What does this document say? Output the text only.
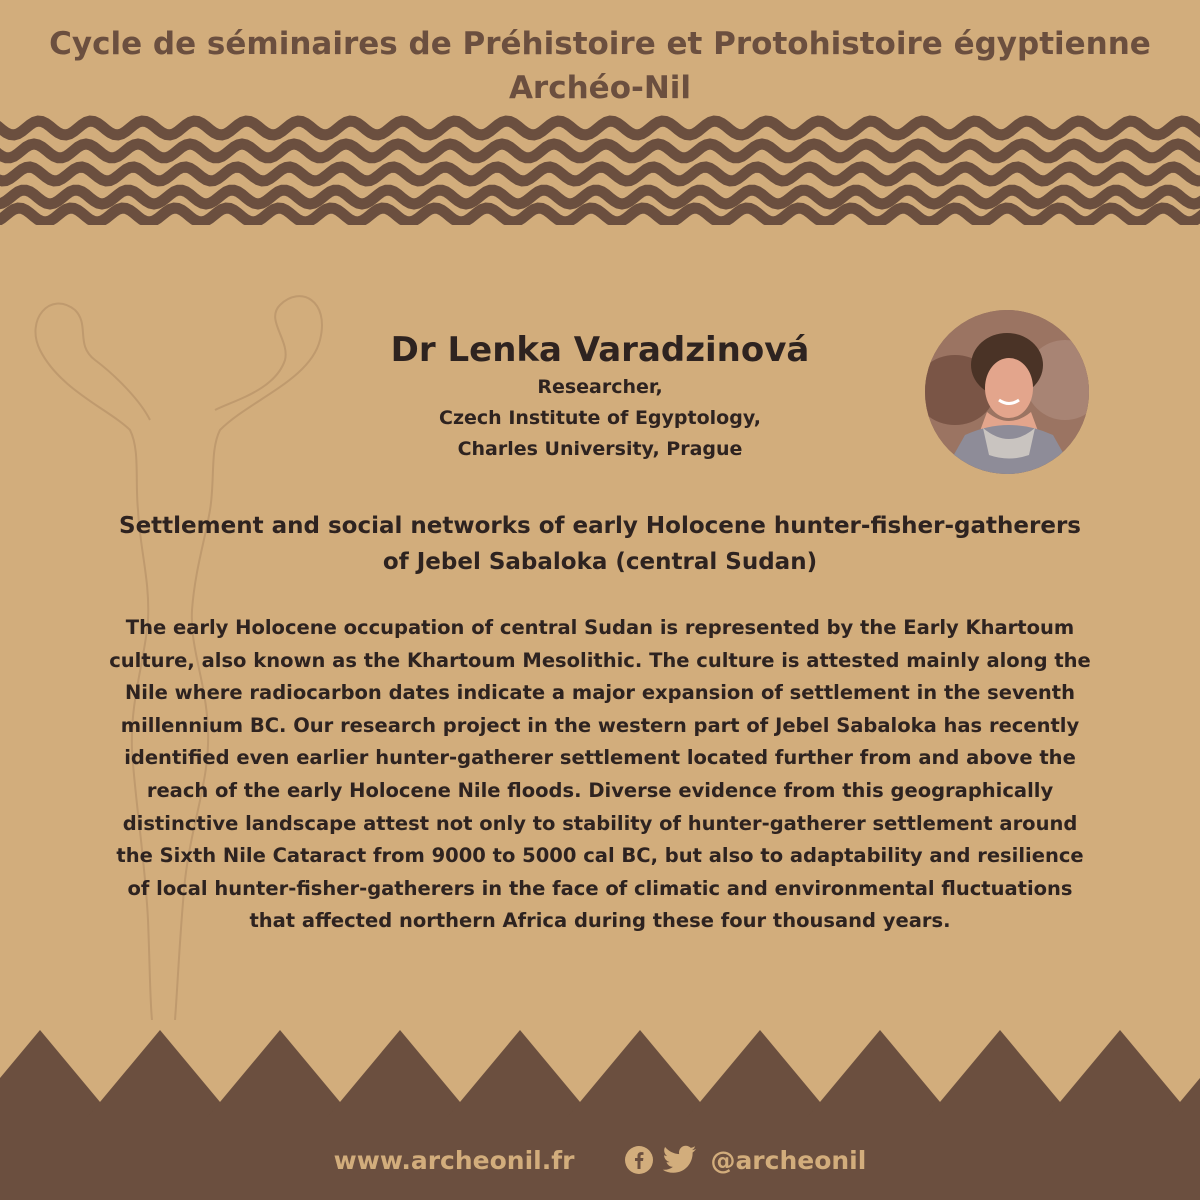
Cycle de séminaires de Préhistoire et Protohistoire égyptienne
Archéo-Nil
Dr Lenka Varadzinová
Researcher,
Czech Institute of Egyptology,
Charles University, Prague
Settlement and social networks of early Holocene hunter-fisher-gatherers
of Jebel Sabaloka (central Sudan)
The early Holocene occupation of central Sudan is represented by the Early Khartoum
culture, also known as the Khartoum Mesolithic. The culture is attested mainly along the
Nile where radiocarbon dates indicate a major expansion of settlement in the seventh
millennium BC. Our research project in the western part of Jebel Sabaloka has recently
identified even earlier hunter-gatherer settlement located further from and above the
reach of the early Holocene Nile floods. Diverse evidence from this geographically
distinctive landscape attest not only to stability of hunter-gatherer settlement around
the Sixth Nile Cataract from 9000 to 5000 cal BC, but also to adaptability and resilience
of local hunter-fisher-gatherers in the face of climatic and environmental fluctuations
that affected northern Africa during these four thousand years.
www.archeonil.fr	@archeonil
